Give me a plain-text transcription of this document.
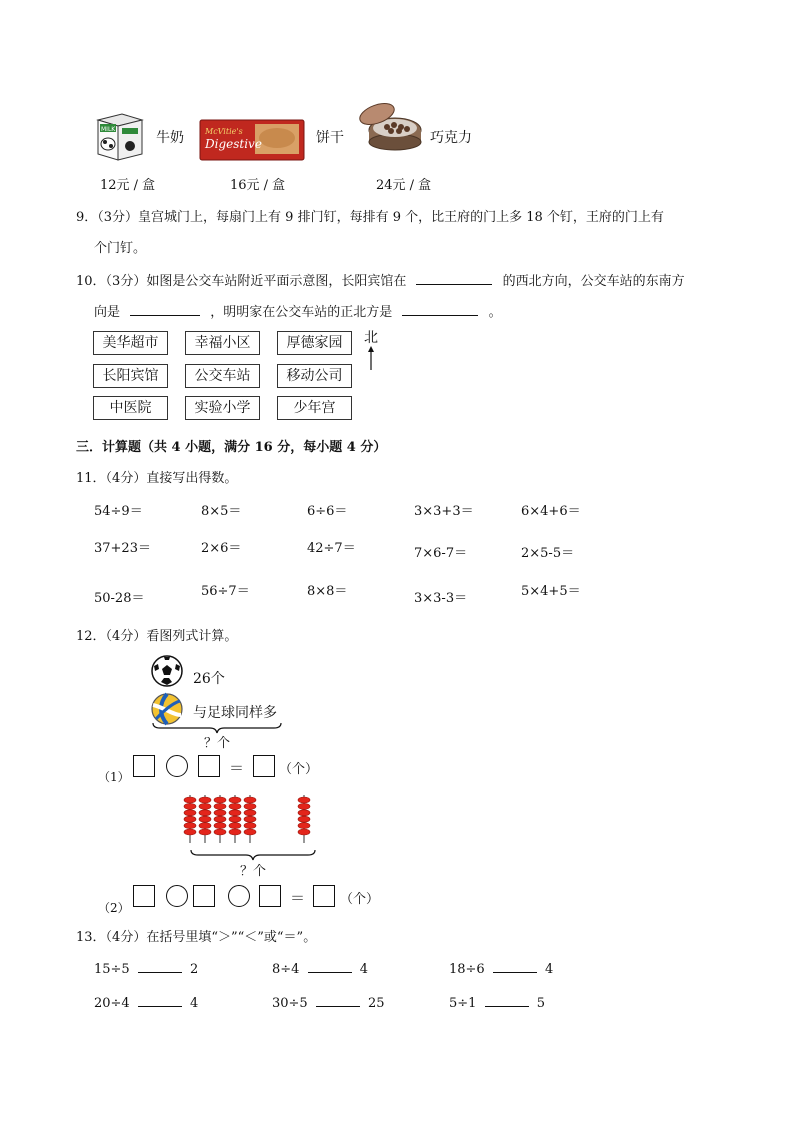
MILK
牛奶
12元 / 盒
McVitie's
Digestive	饼干
16元 / 盒
巧克力
24元 / 盒
9．（3分）皇宫城门上，每扇门上有 9 排门钉，每排有 9 个，比王府的门上多 18 个钉，王府的门上有
个门钉。
10．（3分）如图是公交车站附近平面示意图，长阳宾馆在	的西北方向，公交车站的东南方
向是	，明明家在公交车站的正北方是	。
美华超市	幸福小区	厚德家园
长阳宾馆	公交车站	移动公司
中医院	实验小学	少年宫
北
三．计算题（共 4 小题，满分 16 分，每小题 4 分）
11．（4分）直接写出得数。
54÷9＝	8×5＝	6÷6＝	3×3+3＝	6×4+6＝
37+23＝	2×6＝	42÷7＝	7×6-7＝	2×5-5＝
50-28＝	56÷7＝	8×8＝	3×3-3＝	5×4+5＝
12．（4分）看图列式计算。
26个
与足球同样多
？个
（1）	＝	（个）
？个
（2）
＝	（个）
13．（4分）在括号里填“＞”“＜”或“＝”。
15÷5	2	8÷4	4	18÷6	4
20÷4	4	30÷5	25	5÷1	5
